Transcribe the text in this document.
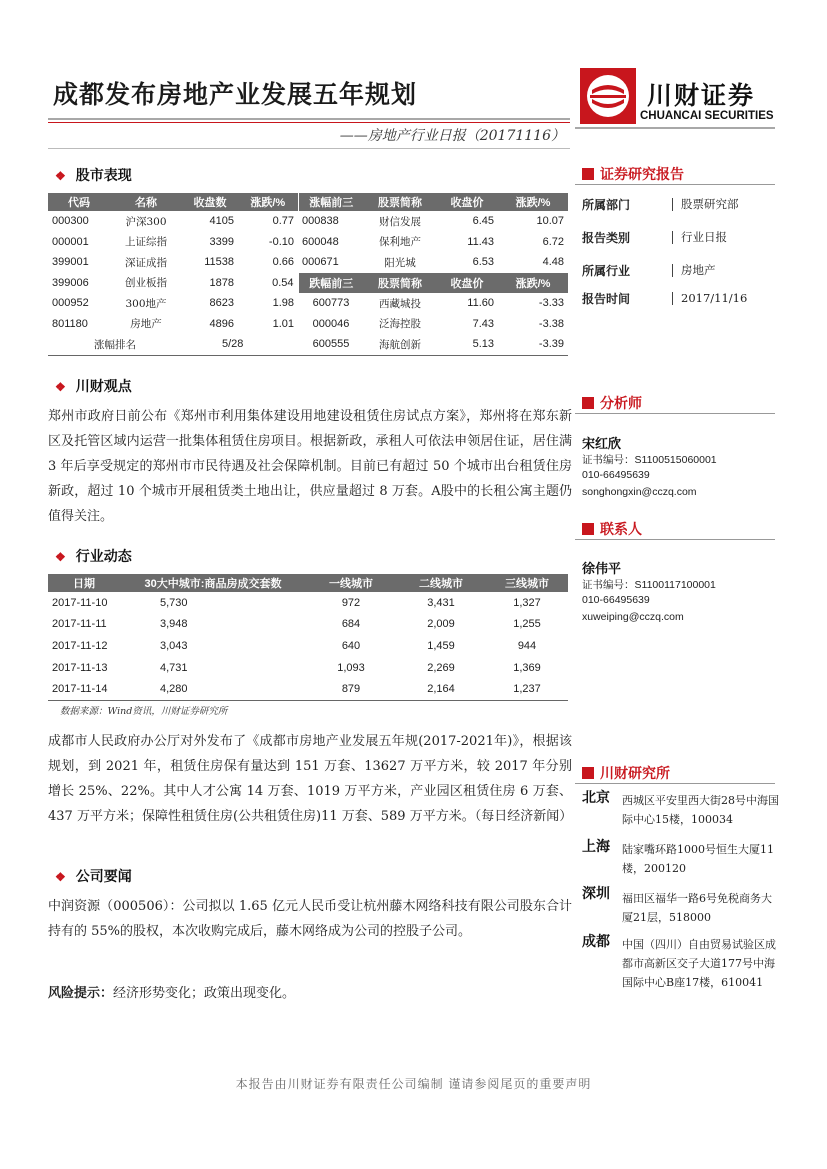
成都发布房地产业发展五年规划
——房地产行业日报（20171116）
川财证券
CHUANCAI SECURITIES
❖ 股市表现
代码	名称	收盘数	涨跌/%	涨幅前三	股票简称	收盘价	涨跌/%
000300	沪深300	4105	0.77	000838	财信发展	6.45	10.07
000001	上证综指	3399	-0.10	600048	保利地产	11.43	6.72
399001	深证成指	11538	0.66	000671	阳光城	6.53	4.48
399006	创业板指	1878	0.54	跌幅前三	股票简称	收盘价	涨跌/%
000952	300地产	8623	1.98	600773	西藏城投	11.60	-3.33
801180	房地产	4896	1.01	000046	泛海控股	7.43	-3.38
涨幅排名		5/28		600555	海航创新	5.13	-3.39
❖ 川财观点
郑州市政府日前公布《郑州市利用集体建设用地建设租赁住房试点方案》，郑州将在郑东新区及托管区域内运营一批集体租赁住房项目。根据新政，承租人可依法申领居住证，居住满 3 年后享受规定的郑州市市民待遇及社会保障机制。目前已有超过 50 个城市出台租赁住房新政，超过 10 个城市开展租赁类土地出让，供应量超过 8 万套。A股中的长租公寓主题仍值得关注。
❖ 行业动态
日期	30大中城市:商品房成交套数	一线城市	二线城市	三线城市
2017-11-10	5,730	972	3,431	1,327
2017-11-11	3,948	684	2,009	1,255
2017-11-12	3,043	640	1,459	944
2017-11-13	4,731	1,093	2,269	1,369
2017-11-14	4,280	879	2,164	1,237
数据来源：Wind资讯，川财证券研究所
成都市人民政府办公厅对外发布了《成都市房地产业发展五年规(2017-2021年)》，根据该规划，到 2021 年，租赁住房保有量达到 151 万套、13627 万平方米，较 2017 年分别增长 25%、22%。其中人才公寓 14 万套、1019 万平方米，产业园区租赁住房 6 万套、437 万平方米；保障性租赁住房(公共租赁住房)11 万套、589 万平方米。（每日经济新闻）
❖ 公司要闻
中润资源（000506）：公司拟以 1.65 亿元人民币受让杭州藤木网络科技有限公司股东合计持有的 55%的股权，本次收购完成后，藤木网络成为公司的控股子公司。
风险提示：经济形势变化；政策出现变化。
证券研究报告
所属部门	股票研究部
报告类别	行业日报
所属行业	房地产
报告时间	2017/11/16
分析师
宋红欣
证书编号：S1100515060001
010-66495639
songhongxin@cczq.com
联系人
徐伟平
证书编号：S1100117100001
010-66495639
xuweiping@cczq.com
川财研究所
北京 西城区平安里西大街28号中海国际中心15楼，100034
上海 陆家嘴环路1000号恒生大厦11楼，200120
深圳 福田区福华一路6号免税商务大厦21层，518000
成都 中国（四川）自由贸易试验区成都市高新区交子大道177号中海国际中心B座17楼，610041
本报告由川财证券有限责任公司编制 谨请参阅尾页的重要声明
